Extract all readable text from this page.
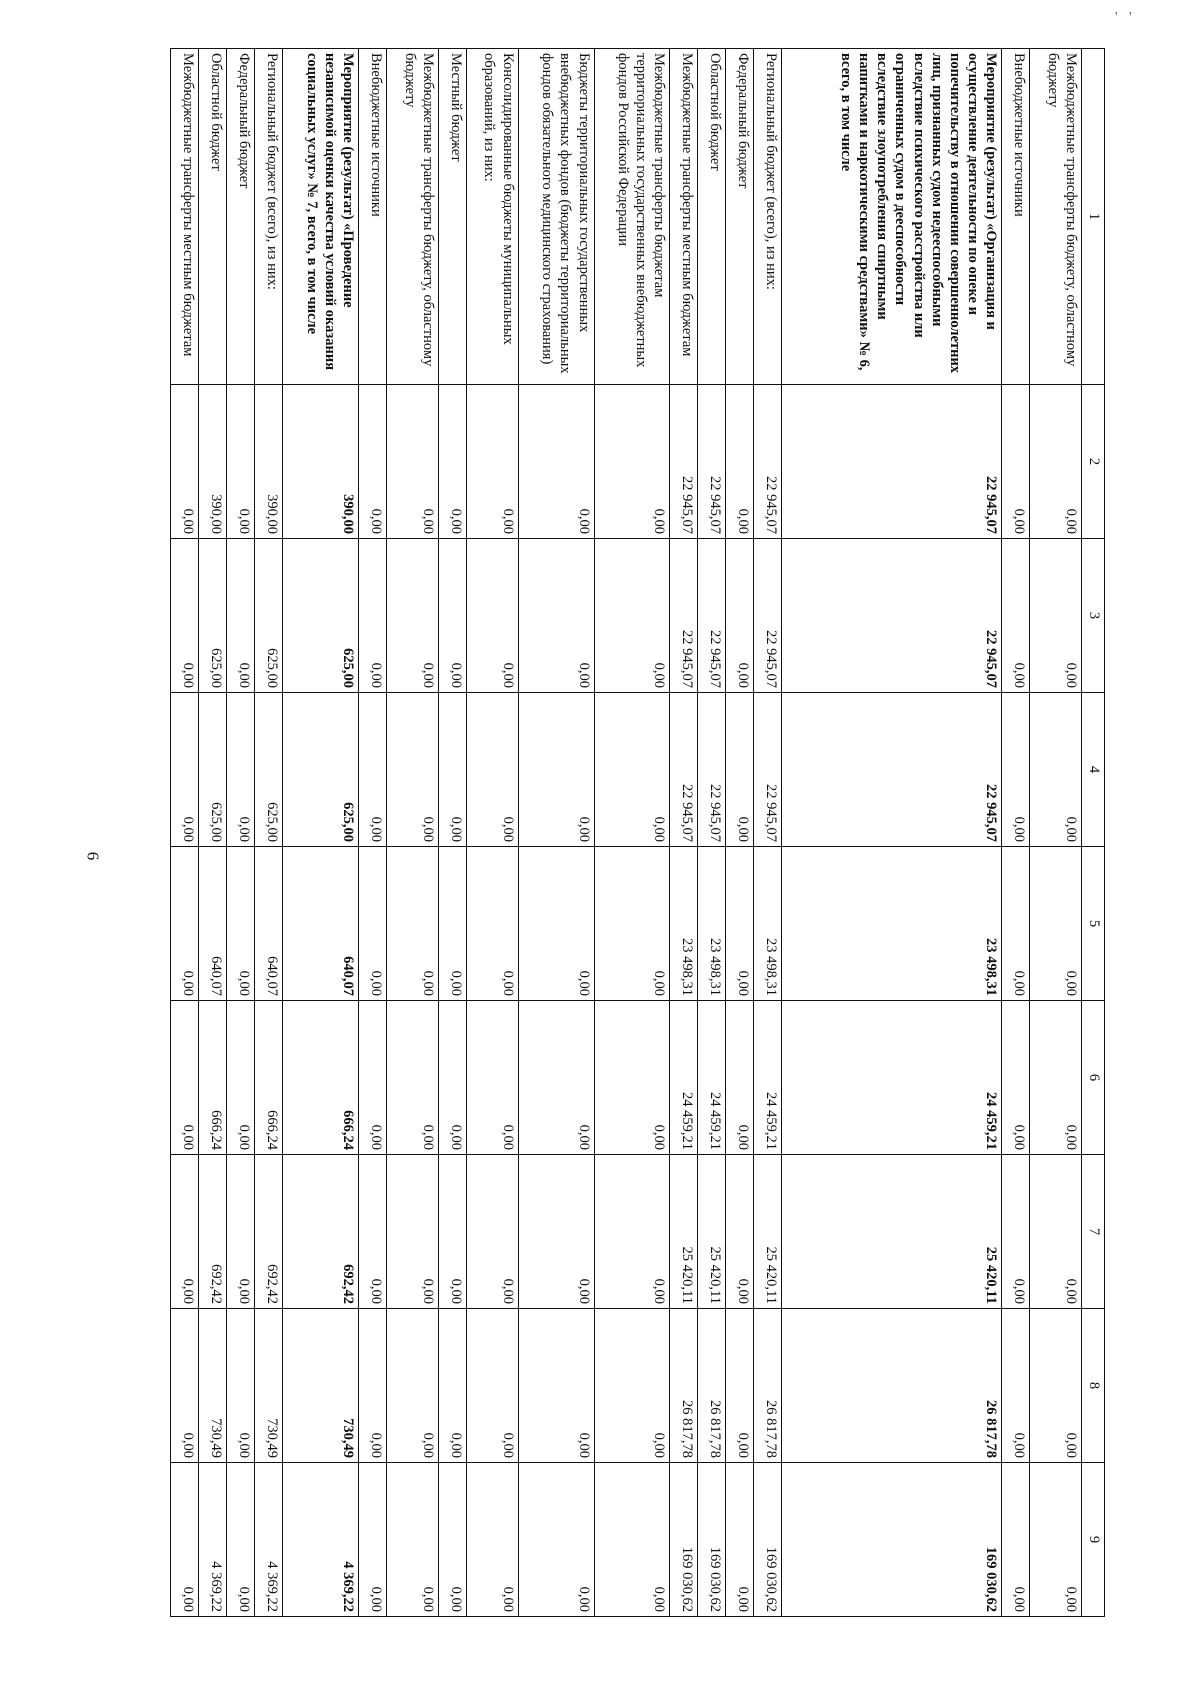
6
' '
1	2	3	4	5	6	7	8	9
Межбюджетные трансферты бюджету, областному бюджету	0,00	0,00	0,00	0,00	0,00	0,00	0,00	0,00
Внебюджетные источники	0,00	0,00	0,00	0,00	0,00	0,00	0,00	0,00
Мероприятие (результат) «Организация и осуществление деятельности по опеке и попечительству в отношении совершеннолетних лиц, признанных судом недееспособными вследствие психического расстройства или ограниченных судом в дееспособности вследствие злоупотребления спиртными напитками и наркотическими средствами» № 6, всего, в том числе	22 945,07	22 945,07	22 945,07	23 498,31	24 459,21	25 420,11	26 817,78	169 030,62
Региональный бюджет (всего), из них:	22 945,07	22 945,07	22 945,07	23 498,31	24 459,21	25 420,11	26 817,78	169 030,62
Федеральный бюджет	0,00	0,00	0,00	0,00	0,00	0,00	0,00	0,00
Областной бюджет	22 945,07	22 945,07	22 945,07	23 498,31	24 459,21	25 420,11	26 817,78	169 030,62
Межбюджетные трансферты местным бюджетам	22 945,07	22 945,07	22 945,07	23 498,31	24 459,21	25 420,11	26 817,78	169 030,62
Межбюджетные трансферты бюджетам территориальных государственных внебюджетных фондов Российской Федерации	0,00	0,00	0,00	0,00	0,00	0,00	0,00	0,00
Бюджеты территориальных государственных внебюджетных фондов (бюджеты территориальных фондов обязательного медицинского страхования)	0,00	0,00	0,00	0,00	0,00	0,00	0,00	0,00
Консолидированные бюджеты муниципальных образований, из них:	0,00	0,00	0,00	0,00	0,00	0,00	0,00	0,00
Местный бюджет	0,00	0,00	0,00	0,00	0,00	0,00	0,00	0,00
Межбюджетные трансферты бюджету, областному бюджету	0,00	0,00	0,00	0,00	0,00	0,00	0,00	0,00
Внебюджетные источники	0,00	0,00	0,00	0,00	0,00	0,00	0,00	0,00
Мероприятие (результат) «Проведение независимой оценки качества условий оказания социальных услуг» № 7, всего, в том числе	390,00	625,00	625,00	640,07	666,24	692,42	730,49	4 369,22
Региональный бюджет (всего), из них:	390,00	625,00	625,00	640,07	666,24	692,42	730,49	4 369,22
Федеральный бюджет	0,00	0,00	0,00	0,00	0,00	0,00	0,00	0,00
Областной бюджет	390,00	625,00	625,00	640,07	666,24	692,42	730,49	4 369,22
Межбюджетные трансферты местным бюджетам	0,00	0,00	0,00	0,00	0,00	0,00	0,00	0,00
